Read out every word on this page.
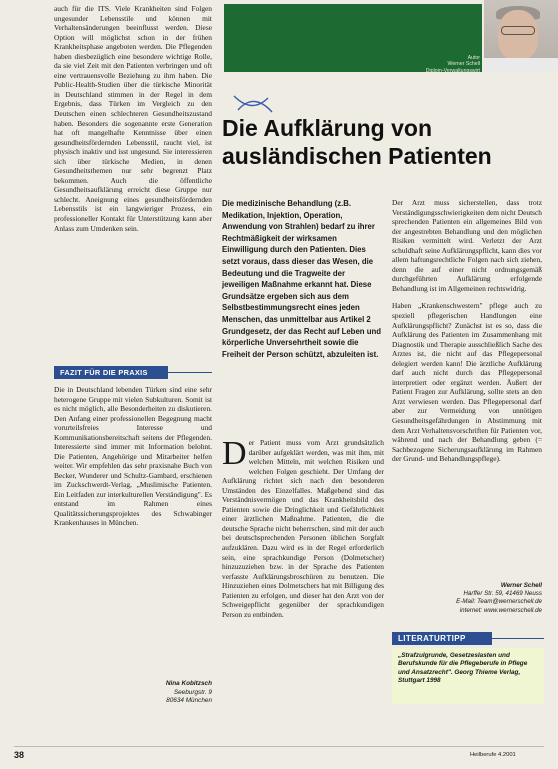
Autor
Werner Schell
Diplom-Verwaltungswirt

auch für die ITS. Viele Krankheiten sind Folgen ungesunder Lebensstile und können mit Verhaltensänderungen beeinflusst werden. Diese Option will möglichst schon in der frühen Krankheitsphase angeboten werden. Die Pflegenden haben diesbezüglich eine besondere wichtige Rolle, da sie viel Zeit mit den Patienten verbringen und oft eine vertrauensvolle Beziehung zu ihm haben. Die Public-Health-Studien über die türkische Minorität in Deutschland stimmen in der Regel in dem Ergebnis, dass Türken im Vergleich zu den Deutschen einen schlechteren Gesundheitszustand haben. Besonders die sogenannte erste Generation hat oft mangelhafte Kenntnisse über einen gesundheitsfördernden Lebensstil, raucht viel, ist physisch inaktiv und isst ungesund. Sie interessieren sich über türkische Medien, in denen Gesundheitsthemen nur sehr begrenzt Platz bekommen. Auch die öffentliche Gesundheitsaufklärung erreicht diese Gruppe nur schlecht. Aneignung eines gesundheitsfördernden Lebensstils ist ein langwieriger Prozess, ein professioneller Kontakt für Unterstützung kann aber Anlass zum Umdenken sein.

FAZIT FÜR DIE PRAXIS

Die in Deutschland lebenden Türken sind eine sehr heterogene Gruppe mit vielen Subkulturen. Somit ist es nicht möglich, alle Besonderheiten zu diskutieren. Den Anfang einer professionellen Begegnung macht vorurteilsfreies Interesse und Kommunikationsbereitschaft seitens der Pflegenden. Interessierte sind immer mit Information belohnt. Die Patienten, Angehörige und Mitarbeiter helfen weiter. Wir empfehlen das sehr praxisnahe Buch von Becker, Wunderer und Schultz-Gambard, erschienen im Zuckschwerdt-Verlag, „Muslimische Patienten. Ein Leitfaden zur interkulturellen Verständigung". Es entstand im Rahmen eines Qualitätssicherungsprojektes des Schwabinger Krankenhauses in München.

Nina Kobitzsch
Seeburgstr. 9
80634 München
Die Aufklärung von ausländischen Patienten

Die medizinische Behandlung (z.B. Medikation, Injektion, Operation, Anwendung von Strahlen) bedarf zu ihrer Rechtmäßigkeit der wirksamen Einwilligung durch den Patienten. Dies setzt voraus, dass dieser das Wesen, die Bedeutung und die Tragweite der jeweiligen Maßnahme erkannt hat. Diese Grundsätze ergeben sich aus dem Selbstbestimmungsrecht eines jeden Menschen, das unmittelbar aus Artikel 2 Grundgesetz, der das Recht auf Leben und körperliche Unversehrtheit sowie die Freiheit der Person schützt, abzuleiten ist.

Der Patient muss vom Arzt grundsätzlich darüber aufgeklärt werden, was mit ihm, mit welchen Mitteln, mit welchen Risiken und welchen Folgen geschieht. Der Umfang der Aufklärung richtet sich nach den besonderen Umständen des Einzelfalles. Maßgebend sind das Verständnisvermögen und das Krankheitsbild des Patienten sowie die Dringlichkeit und Gefährlichkeit einer ärztlichen Maßnahme. Patienten, die die deutsche Sprache nicht beherrschen, sind mit der auch bei deutschsprechenden Personen üblichen Sorgfalt aufzuklären. Dazu wird es in der Regel erforderlich sein, eine sprachkundige Person (Dolmetscher) hinzuzuziehen bzw. in der Sprache des Patienten verfasste Aufklärungsbroschüren zu benutzen. Die Hinzuziehen eines Dolmetschers hat mit Billigung des Patienten zu erfolgen, und dieser hat den Arzt von der Schweigepflicht gegenüber der sprachkundigen Person zu entbinden.

Der Arzt muss sicherstellen, dass trotz Verständigungsschwierigkeiten dem nicht Deutsch sprechenden Patienten ein allgemeines Bild von der angestrebten Behandlung und den möglichen Risiken vermittelt wird. Verletzt der Arzt schuldhaft seine Aufklärungspflicht, kann dies vor allem haftungsrechtliche Folgen nach sich ziehen, denn die auf einer nicht ordnungsgemäß durchgeführten Aufklärung erfolgende Behandlung ist im Allgemeinen rechtswidrig.

Haben „Krankenschwestern" pflege auch zu speziell pflegerischen Handlungen eine Aufklärungspflicht? Zunächst ist es so, dass die Aufklärung des Patienten im Zusammenhang mit Diagnostik und Therapie ausschließlich Sache des Arztes ist, die nicht auf das Pflegepersonal delegiert werden kann! Die ärztliche Aufklärung darf auch nicht durch das Pflegepersonal interpretiert oder ergänzt werden. Äußert der Patient Fragen zur Aufklärung, sollte stets an den Arzt verwiesen werden. Das Pflegepersonal darf aber zur Vermeidung von unnötigen Gesundheitsgefährdungen in Abstimmung mit dem Arzt Verhaltensvorschriften für Patienten vor, während und nach der Behandlung geben (= Sachbezogene Sicherungsaufklärung im Rahmen der Grund- und Behandlungspflege).

Werner Schell
Harffer Str. 59, 41469 Neuss
E-Mail: Team@wernerschell.de
internet: www.wernerschell.de
LITERATURTIPP
„Strafzulgrunde, Gesetzeslasten und Berufskunde für die Pflegeberufe in Pflege und Ansatzrecht". Georg Thieme Verlag, Stuttgart 1998
38	Heilberufe 4.2001
